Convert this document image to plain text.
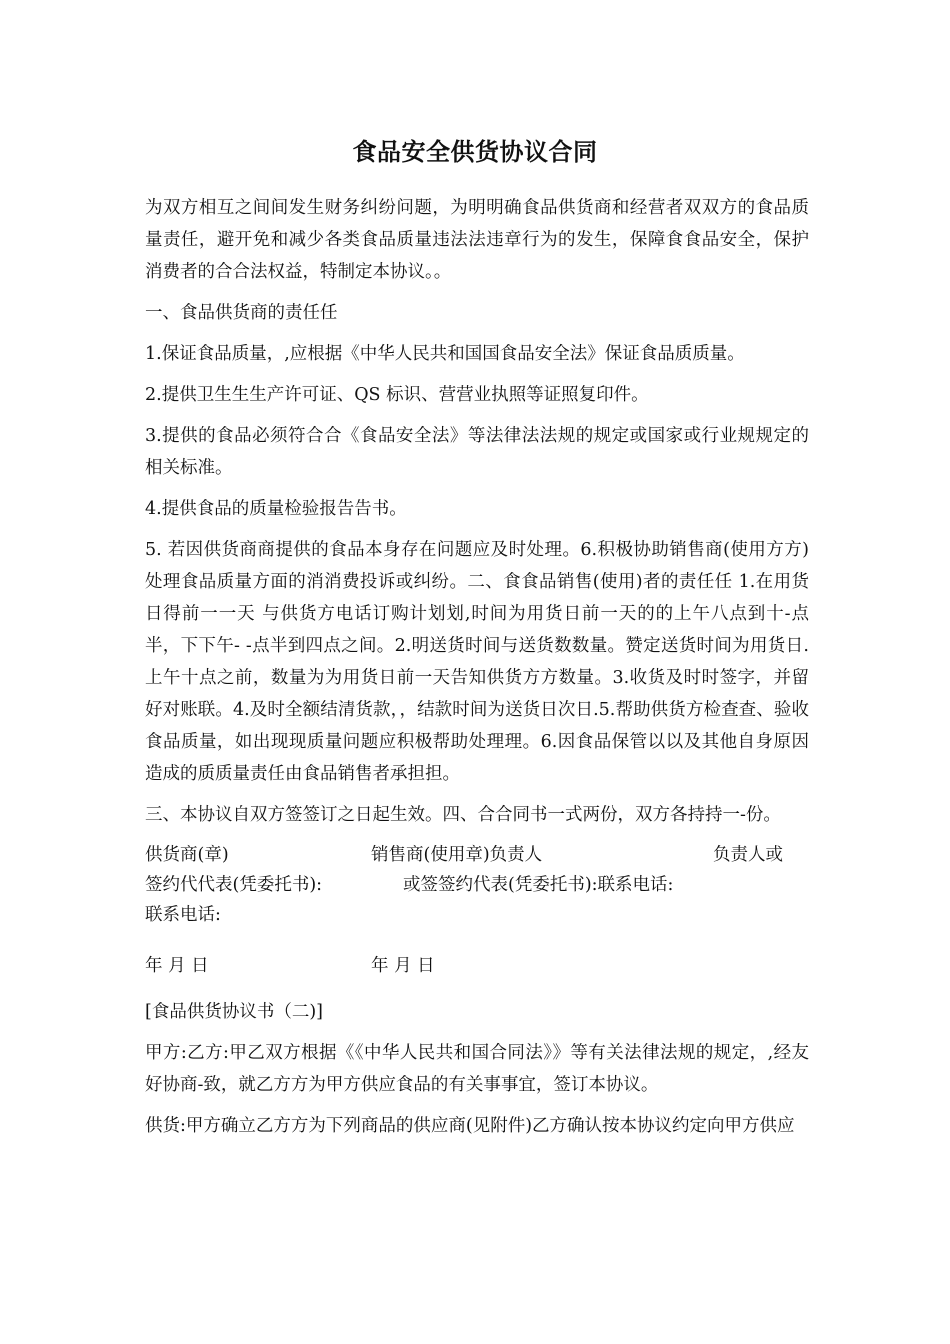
食品安全供货协议合同

为双方相互之间间发生财务纠纷问题，为明明确食品供货商和经营者双双方的食品质量责任，避开免和减少各类食品质量违法法违章行为的发生，保障食食品安全，保护消费者的合合法权益，特制定本协议。。

一、食品供货商的责任任

1.保证食品质量，,应根据《中华人民共和国国食品安全法》保证食品质质量。

2.提供卫生生生产许可证、QS 标识、营营业执照等证照复印件。

3.提供的食品必须符合合《食品安全法》等法律法法规的规定或国家或行业规规定的相关标准。

4.提供食品的质量检验报告告书。

5. 若因供货商商提供的食品本身存在问题应及时处理。6.积极协助销售商(使用方方)处理食品质量方面的消消费投诉或纠纷。二、食食品销售(使用)者的责任任 1.在用货日得前一一天 与供货方电话订购计划划,时间为用货日前一天的的上午八点到十-点半，下下午- -点半到四点之间。2.明送货时间与送货数数量。赞定送货时间为用货日.上午十点之前，数量为为用货日前一天告知供货方方数量。3.收货及时时签字，并留好对账联。4.及时全额结清货款，，结款时间为送货日次日.5.帮助供货方检查查、验收食品质量，如出现现质量问题应积极帮助处理理。6.因食品保管以以及其他自身原因造成的质质量责任由食品销售者承担担。

三、本协议自双方签签订之日起生效。四、合合同书一式两份，双方各持持一-份。

供货商(章)	销售商(使用章)负责人	负责人或
签约代代表(凭委托书):	或签签约代表(凭委托书):联系电话:
联系电话:
年 月 日	年 月 日

[食品供货协议书（二)]

甲方:乙方:甲乙双方根据《《中华人民共和国合同法》》等有关法律法规的规定，,经友好协商-致，就乙方方为甲方供应食品的有关事事宜，签订本协议。

供货:甲方确立乙方方为下列商品的供应商(见附件)乙方确认按本协议约定向甲方供应
